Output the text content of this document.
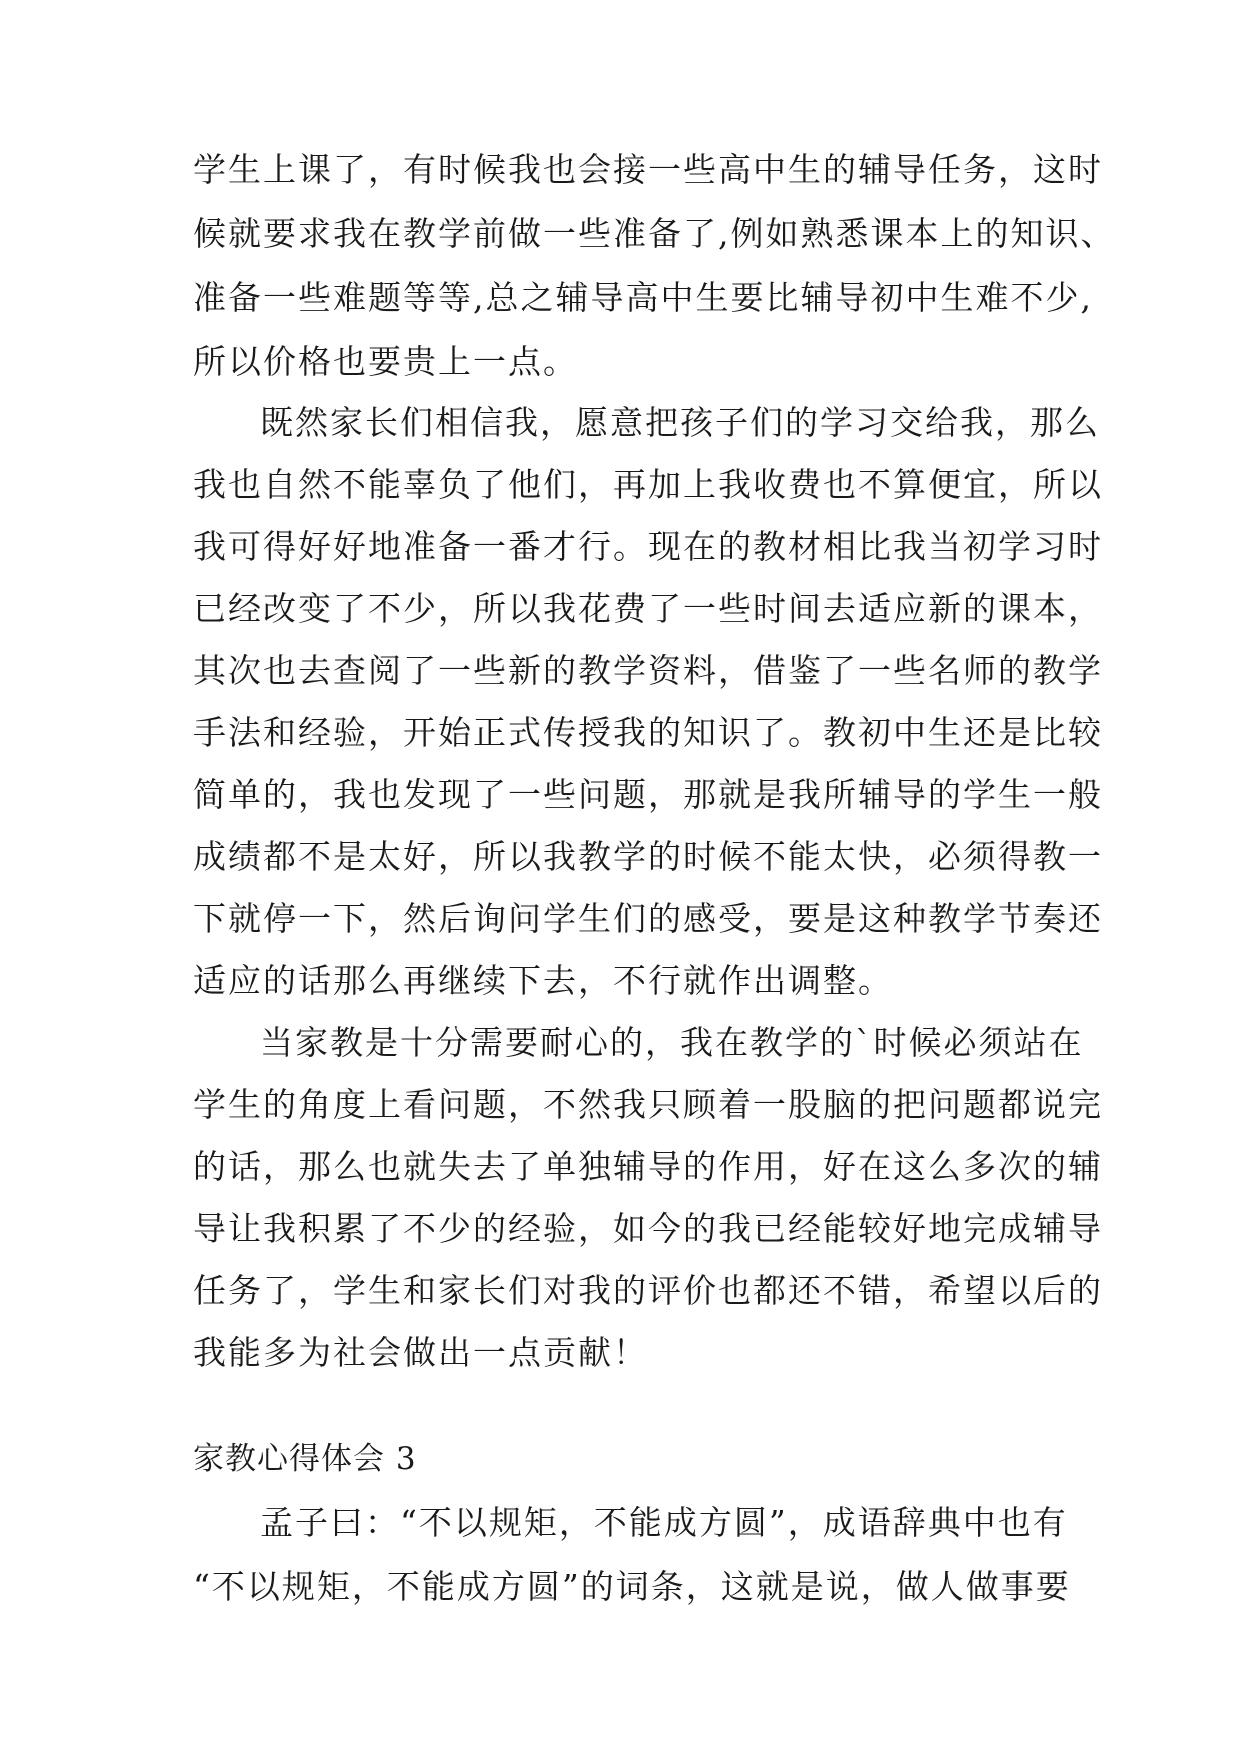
学生上课了，有时候我也会接一些高中生的辅导任务，这时
候就要求我在教学前做一些准备了,例如熟悉课本上的知识、
准备一些难题等等,总之辅导高中生要比辅导初中生难不少,
所以价格也要贵上一点。
既然家长们相信我，愿意把孩子们的学习交给我，那么
我也自然不能辜负了他们，再加上我收费也不算便宜，所以
我可得好好地准备一番才行。现在的教材相比我当初学习时
已经改变了不少，所以我花费了一些时间去适应新的课本，
其次也去查阅了一些新的教学资料，借鉴了一些名师的教学
手法和经验，开始正式传授我的知识了。教初中生还是比较
简单的，我也发现了一些问题，那就是我所辅导的学生一般
成绩都不是太好，所以我教学的时候不能太快，必须得教一
下就停一下，然后询问学生们的感受，要是这种教学节奏还
适应的话那么再继续下去，不行就作出调整。
当家教是十分需要耐心的，我在教学的`时候必须站在
学生的角度上看问题，不然我只顾着一股脑的把问题都说完
的话，那么也就失去了单独辅导的作用，好在这么多次的辅
导让我积累了不少的经验，如今的我已经能较好地完成辅导
任务了，学生和家长们对我的评价也都还不错，希望以后的
我能多为社会做出一点贡献！
家教心得体会 3
孟子曰：“不以规矩，不能成方圆”，成语辞典中也有
“不以规矩，不能成方圆”的词条，这就是说，做人做事要
